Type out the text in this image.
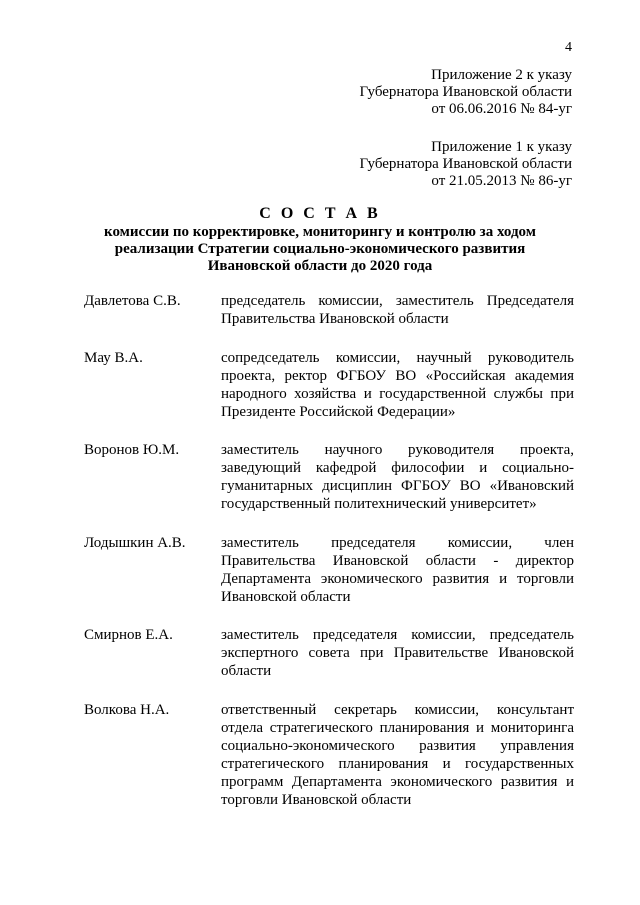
4
Приложение 2 к указу
Губернатора Ивановской области
от 06.06.2016 № 84-уг
Приложение 1 к указу
Губернатора Ивановской области
от 21.05.2013 № 86-уг
С О С Т А В
комиссии по корректировке, мониторингу и контролю за ходом
реализации Стратегии социально-экономического развития
Ивановской области до 2020 года
Давлетова С.В.	председатель комиссии, заместитель Председателя Правительства Ивановской области
Мау В.А.	сопредседатель комиссии, научный руководитель проекта, ректор ФГБОУ ВО «Российская академия народного хозяйства и государственной службы при Президенте Российской Федерации»
Воронов Ю.М.	заместитель научного руководителя проекта, заведующий кафедрой философии и социально-гуманитарных дисциплин ФГБОУ ВО «Ивановский государственный политехнический университет»
Лодышкин А.В.	заместитель председателя комиссии, член Правительства Ивановской области - директор Департамента экономического развития и торговли Ивановской области
Смирнов Е.А.	заместитель председателя комиссии, председатель экспертного совета при Правительстве Ивановской области
Волкова Н.А.	ответственный секретарь комиссии, консультант отдела стратегического планирования и мониторинга социально-экономического развития управления стратегического планирования и государственных программ Департамента экономического развития и торговли Ивановской области
